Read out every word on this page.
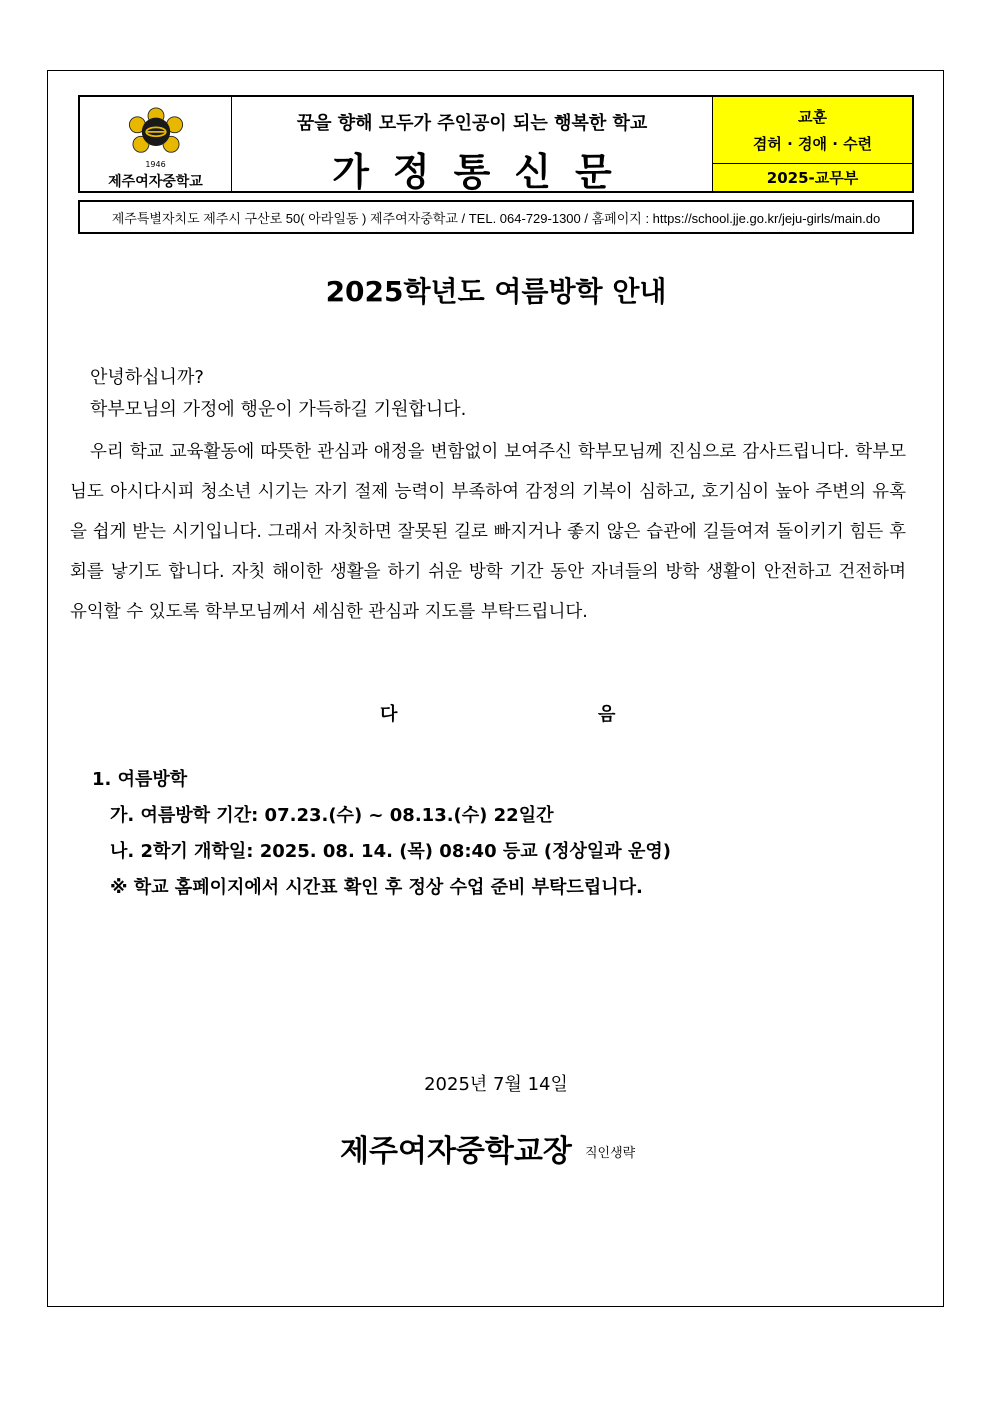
1946
제주여자중학교
꿈을 향해 모두가 주인공이 되는 행복한 학교
가정통신문
교훈
겸허 · 경애 · 수련
2025-교무부
제주특별자치도 제주시 구산로 50( 아라일동 ) 제주여자중학교 / TEL. 064-729-1300 / 홈페이지 : https://school.jje.go.kr/jeju-girls/main.do
2025학년도 여름방학 안내
안녕하십니까?
학부모님의 가정에 행운이 가득하길 기원합니다.
우리 학교 교육활동에 따뜻한 관심과 애정을 변함없이 보여주신 학부모님께 진심으로 감사드립니다. 학부모님도 아시다시피 청소년 시기는 자기 절제 능력이 부족하여 감정의 기복이 심하고, 호기심이 높아 주변의 유혹을 쉽게 받는 시기입니다. 그래서 자칫하면 잘못된 길로 빠지거나 좋지 않은 습관에 길들여져 돌이키기 힘든 후회를 낳기도 합니다. 자칫 해이한 생활을 하기 쉬운 방학 기간 동안 자녀들의 방학 생활이 안전하고 건전하며 유익할 수 있도록 학부모님께서 세심한 관심과 지도를 부탁드립니다.
다	음
1. 여름방학
가. 여름방학 기간: 07.23.(수) ~ 08.13.(수) 22일간
나. 2학기 개학일: 2025. 08. 14. (목) 08:40 등교 (정상일과 운영)
※ 학교 홈페이지에서 시간표 확인 후 정상 수업 준비 부탁드립니다.
2025년 7월 14일
제주여자중학교장 직인생략
